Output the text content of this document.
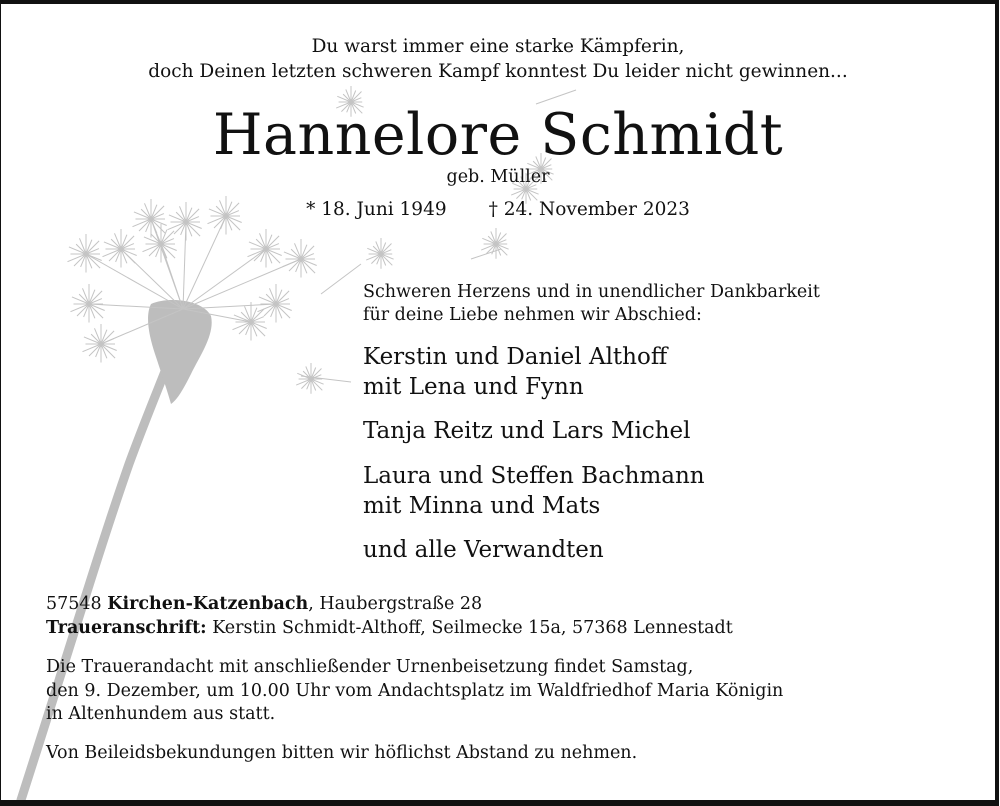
Du warst immer eine starke Kämpferin,
doch Deinen letzten schweren Kampf konntest Du leider nicht gewinnen...
Hannelore Schmidt
geb. Müller
* 18. Juni 1949 † 24. November 2023
Schweren Herzens und in unendlicher Dankbarkeit
für deine Liebe nehmen wir Abschied:
Kerstin und Daniel Althoff
mit Lena und Fynn
Tanja Reitz und Lars Michel
Laura und Steffen Bachmann
mit Minna und Mats
und alle Verwandten
57548 Kirchen-Katzenbach, Haubergstraße 28
Traueranschrift: Kerstin Schmidt-Althoff, Seilmecke 15a, 57368 Lennestadt
Die Trauerandacht mit anschließender Urnenbeisetzung findet Samstag,
den 9. Dezember, um 10.00 Uhr vom Andachtsplatz im Waldfriedhof Maria Königin
in Altenhundem aus statt.
Von Beileidsbekundungen bitten wir höflichst Abstand zu nehmen.
